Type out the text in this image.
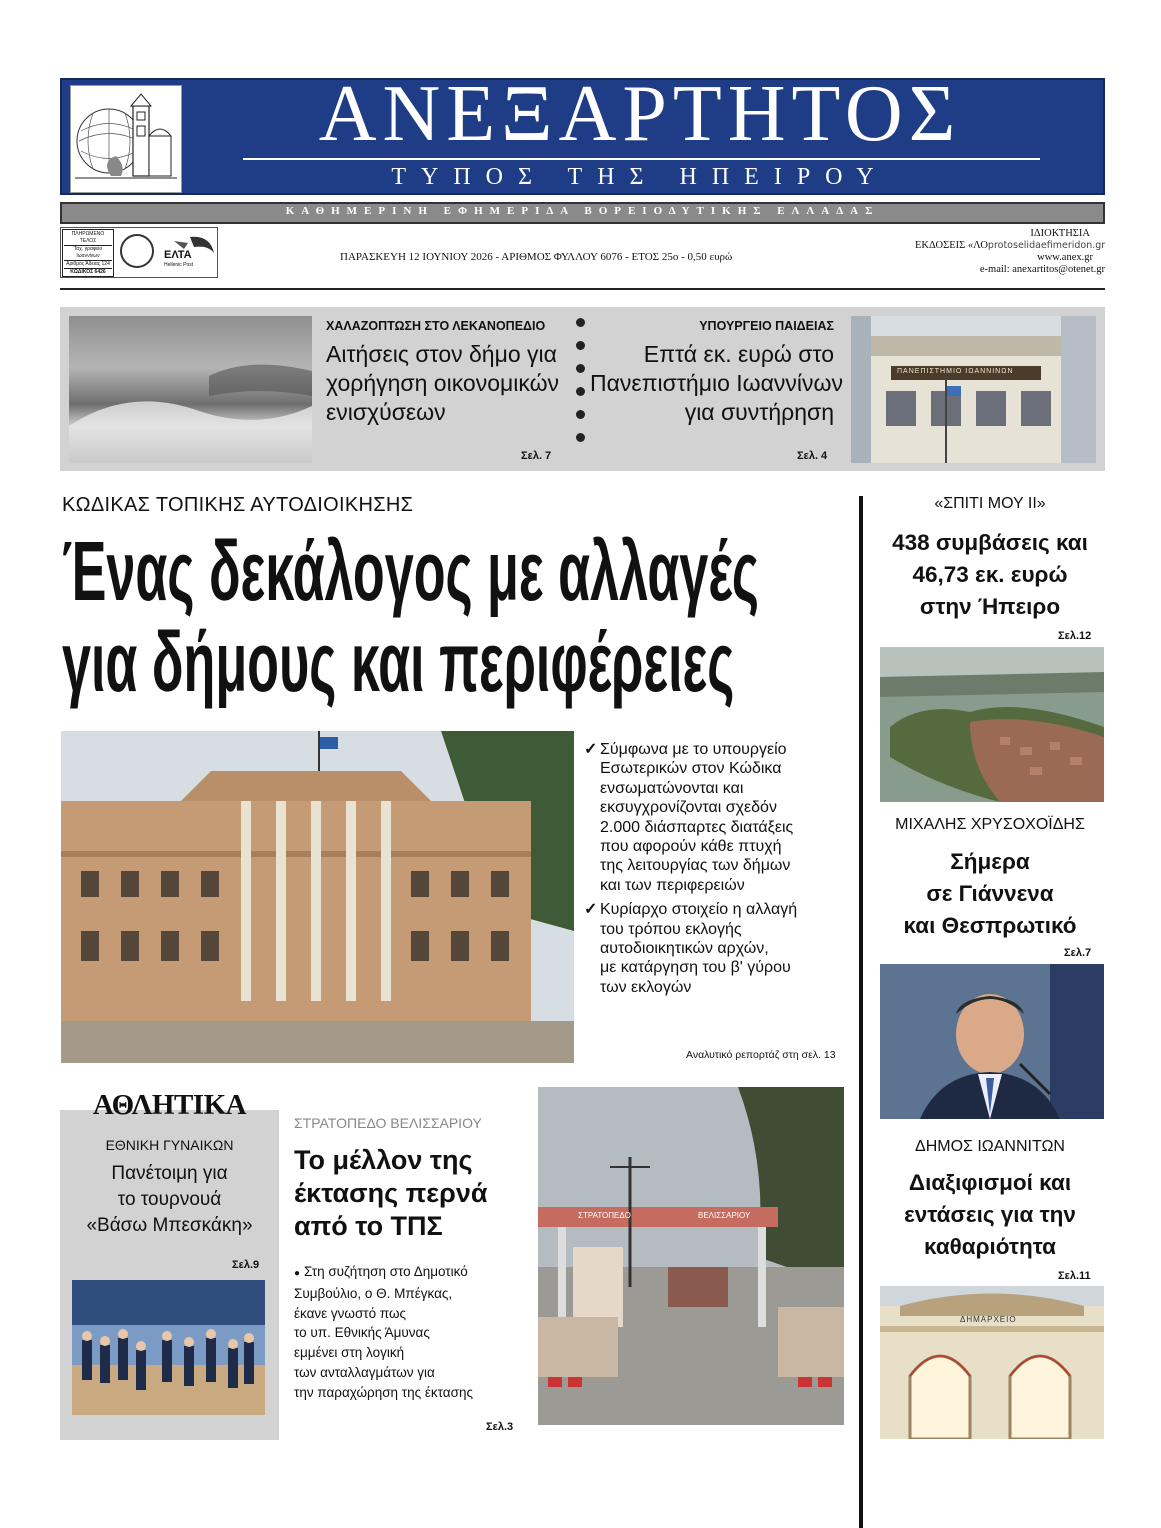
ΑΝΕΞΑΡΤΗΤΟΣ
ΤΥΠΟΣ ΤΗΣ ΗΠΕΙΡΟΥ
ΚΑΘΗΜΕΡΙΝΗ ΕΦΗΜΕΡΙΔΑ ΒΟΡΕΙΟΔΥΤΙΚΗΣ ΕΛΛΑΔΑΣ
ΠΛΗΡΩΜΕΝΟ ΤΕΛΟΣ
Ταχ. γραφείο Ιωαννίνων
Αριθμός Άδειας 124
ΚΩΔΙΚΟΣ 6426
ΕΛΤΑ
Hellenic Post
ΠΑΡΑΣΚΕΥΗ 12 ΙΟΥΝΙΟΥ 2026 - ΑΡΙΘΜΟΣ ΦΥΛΛΟΥ 6076 - ΕΤΟΣ 25ο - 0,50 ευρώ
ΙΔΙΟΚΤΗΣΙΑ
ΕΚΔΟΣΕΙΣ «ΛΟprotoselidaefimeridon.gr
www.anex.gr
e-mail: anexartitos@otenet.gr
ΧΑΛΑΖΟΠΤΩΣΗ ΣΤΟ ΛΕΚΑΝΟΠΕΔΙΟ
Αιτήσεις στον δήμο για
χορήγηση οικονομικών
ενισχύσεων
Σελ. 7
ΥΠΟΥΡΓΕΙΟ ΠΑΙΔΕΙΑΣ
Επτά εκ. ευρώ στο
Πανεπιστήμιο Ιωαννίνων
για συντήρηση
Σελ. 4
ΠΑΝΕΠΙΣΤΗΜΙΟ ΙΩΑΝΝΙΝΩΝ
ΚΩΔΙΚΑΣ ΤΟΠΙΚΗΣ ΑΥΤΟΔΙΟΙΚΗΣΗΣ
Ένας δεκάλογος με αλλαγές
για δήμους και περιφέρειες
✓ Σύμφωνα με το υπουργείο
Εσωτερικών στον Κώδικα
ενσωματώνονται και
εκσυγχρονίζονται σχεδόν
2.000 διάσπαρτες διατάξεις
που αφορούν κάθε πτυχή
της λειτουργίας των δήμων
και των περιφερειών
✓ Κυρίαρχο στοιχείο η αλλαγή
του τρόπου εκλογής
αυτοδιοικητικών αρχών,
με κατάργηση του β' γύρου
των εκλογών
Αναλυτικό ρεπορτάζ στη σελ. 13
ΑΘΛΗΤΙΚΑ
ΕΘΝΙΚΗ ΓΥΝΑΙΚΩΝ
Πανέτοιμη για
το τουρνουά
«Βάσω Μπεσκάκη»
Σελ.9
ΣΤΡΑΤΟΠΕΔΟ ΒΕΛΙΣΣΑΡΙΟΥ
Το μέλλον της
έκτασης περνά
από το ΤΠΣ
● Στη συζήτηση στο Δημοτικό
Συμβούλιο, ο Θ. Μπέγκας,
έκανε γνωστό πως
το υπ. Εθνικής Άμυνας
εμμένει στη λογική
των ανταλλαγμάτων για
την παραχώρηση της έκτασης
Σελ.3
ΣΤΡΑΤΟΠΕΔΟ	ΒΕΛΙΣΣΑΡΙΟΥ
«ΣΠΙΤΙ ΜΟΥ ΙΙ»
438 συμβάσεις και
46,73 εκ. ευρώ
στην Ήπειρο
Σελ.12
ΜΙΧΑΛΗΣ ΧΡΥΣΟΧΟΪΔΗΣ
Σήμερα
σε Γιάννενα
και Θεσπρωτικό
Σελ.7
ΔΗΜΟΣ ΙΩΑΝΝΙΤΩΝ
Διαξιφισμοί και
εντάσεις για την
καθαριότητα
Σελ.11
ΔΗΜΑΡΧΕΙΟ
